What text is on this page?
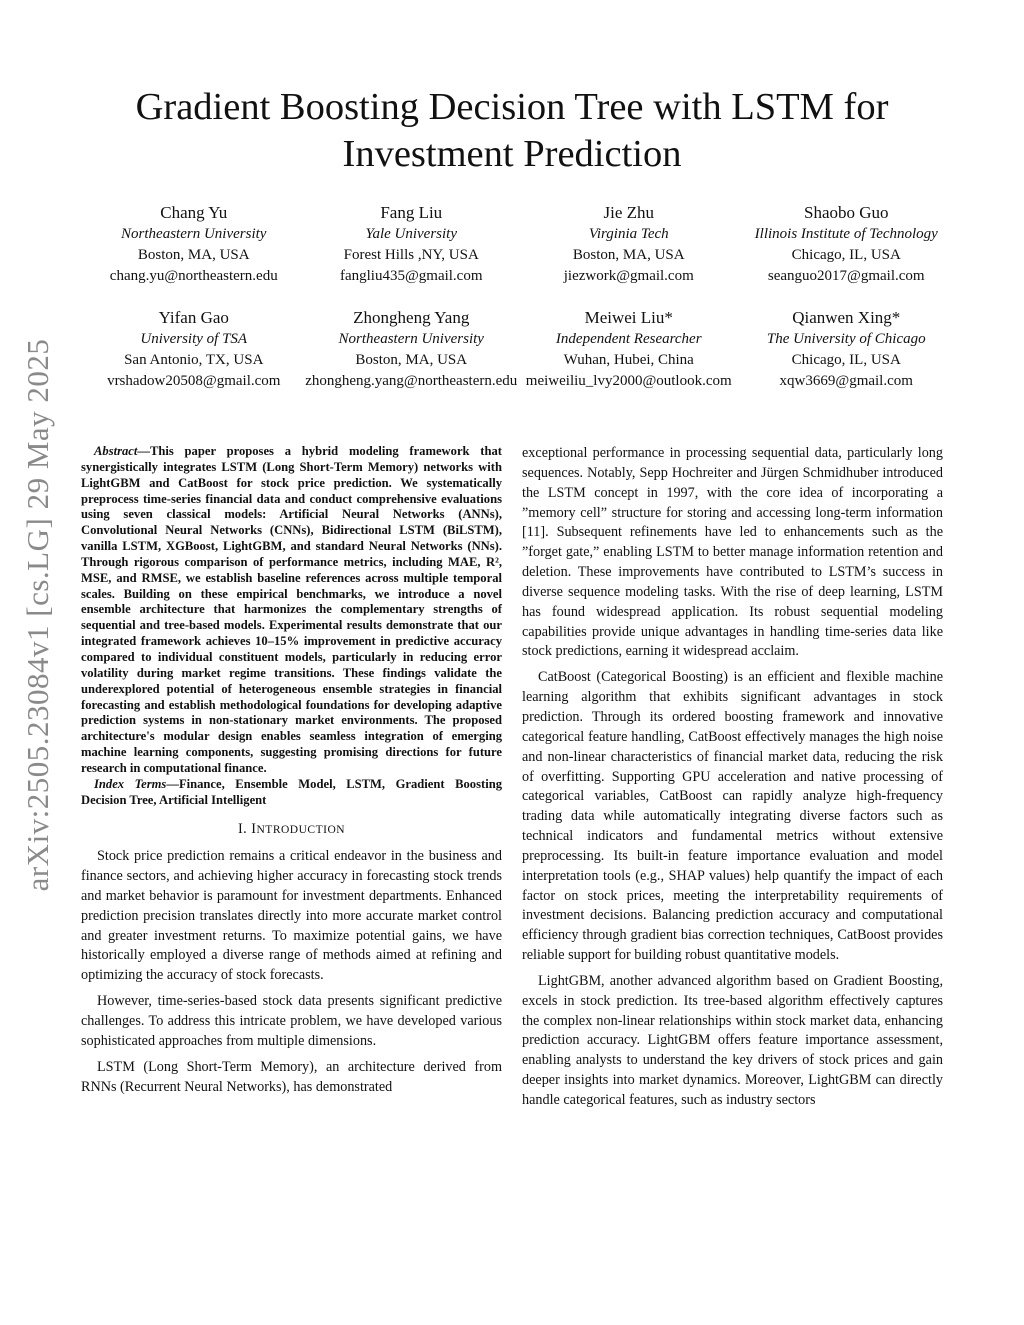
arXiv:2505.23084v1 [cs.LG] 29 May 2025
Gradient Boosting Decision Tree with LSTM for
Investment Prediction
Chang Yu
Northeastern University
Boston, MA, USA
chang.yu@northeastern.edu
Fang Liu
Yale University
Forest Hills ,NY, USA
fangliu435@gmail.com
Jie Zhu
Virginia Tech
Boston, MA, USA
jiezwork@gmail.com
Shaobo Guo
Illinois Institute of Technology
Chicago, IL, USA
seanguo2017@gmail.com
Yifan Gao
University of TSA
San Antonio, TX, USA
vrshadow20508@gmail.com
Zhongheng Yang
Northeastern University
Boston, MA, USA
zhongheng.yang@northeastern.edu
Meiwei Liu*
Independent Researcher
Wuhan, Hubei, China
meiweiliu_lvy2000@outlook.com
Qianwen Xing*
The University of Chicago
Chicago, IL, USA
xqw3669@gmail.com

Abstract—This paper proposes a hybrid modeling framework that synergistically integrates LSTM (Long Short-Term Memory) networks with LightGBM and CatBoost for stock price prediction. We systematically preprocess time-series financial data and conduct comprehensive evaluations using seven classical models: Artificial Neural Networks (ANNs), Convolutional Neural Networks (CNNs), Bidirectional LSTM (BiLSTM), vanilla LSTM, XGBoost, LightGBM, and standard Neural Networks (NNs). Through rigorous comparison of performance metrics, including MAE, R², MSE, and RMSE, we establish baseline references across multiple temporal scales. Building on these empirical benchmarks, we introduce a novel ensemble architecture that harmonizes the complementary strengths of sequential and tree-based models. Experimental results demonstrate that our integrated framework achieves 10–15% improvement in predictive accuracy compared to individual constituent models, particularly in reducing error volatility during market regime transitions. These findings validate the underexplored potential of heterogeneous ensemble strategies in financial forecasting and establish methodological foundations for developing adaptive prediction systems in non-stationary market environments. The proposed architecture's modular design enables seamless integration of emerging machine learning components, suggesting promising directions for future research in computational finance.

Index Terms—Finance, Ensemble Model, LSTM, Gradient Boosting Decision Tree, Artificial Intelligent

I. INTRODUCTION

Stock price prediction remains a critical endeavor in the business and finance sectors, and achieving higher accuracy in forecasting stock trends and market behavior is paramount for investment departments. Enhanced prediction precision translates directly into more accurate market control and greater investment returns. To maximize potential gains, we have historically employed a diverse range of methods aimed at refining and optimizing the accuracy of stock forecasts.

However, time-series-based stock data presents significant predictive challenges. To address this intricate problem, we have developed various sophisticated approaches from multiple dimensions.

LSTM (Long Short-Term Memory), an architecture derived from RNNs (Recurrent Neural Networks), has demonstrated

exceptional performance in processing sequential data, particularly long sequences. Notably, Sepp Hochreiter and Jürgen Schmidhuber introduced the LSTM concept in 1997, with the core idea of incorporating a ”memory cell” structure for storing and accessing long-term information [11]. Subsequent refinements have led to enhancements such as the ”forget gate,” enabling LSTM to better manage information retention and deletion. These improvements have contributed to LSTM’s success in diverse sequence modeling tasks. With the rise of deep learning, LSTM has found widespread application. Its robust sequential modeling capabilities provide unique advantages in handling time-series data like stock predictions, earning it widespread acclaim.

CatBoost (Categorical Boosting) is an efficient and flexible machine learning algorithm that exhibits significant advantages in stock prediction. Through its ordered boosting framework and innovative categorical feature handling, CatBoost effectively manages the high noise and non-linear characteristics of financial market data, reducing the risk of overfitting. Supporting GPU acceleration and native processing of categorical variables, CatBoost can rapidly analyze high-frequency trading data while automatically integrating diverse factors such as technical indicators and fundamental metrics without extensive preprocessing. Its built-in feature importance evaluation and model interpretation tools (e.g., SHAP values) help quantify the impact of each factor on stock prices, meeting the interpretability requirements of investment decisions. Balancing prediction accuracy and computational efficiency through gradient bias correction techniques, CatBoost provides reliable support for building robust quantitative models.

LightGBM, another advanced algorithm based on Gradient Boosting, excels in stock prediction. Its tree-based algorithm effectively captures the complex non-linear relationships within stock market data, enhancing prediction accuracy. LightGBM offers feature importance assessment, enabling analysts to understand the key drivers of stock prices and gain deeper insights into market dynamics. Moreover, LightGBM can directly handle categorical features, such as industry sectors
